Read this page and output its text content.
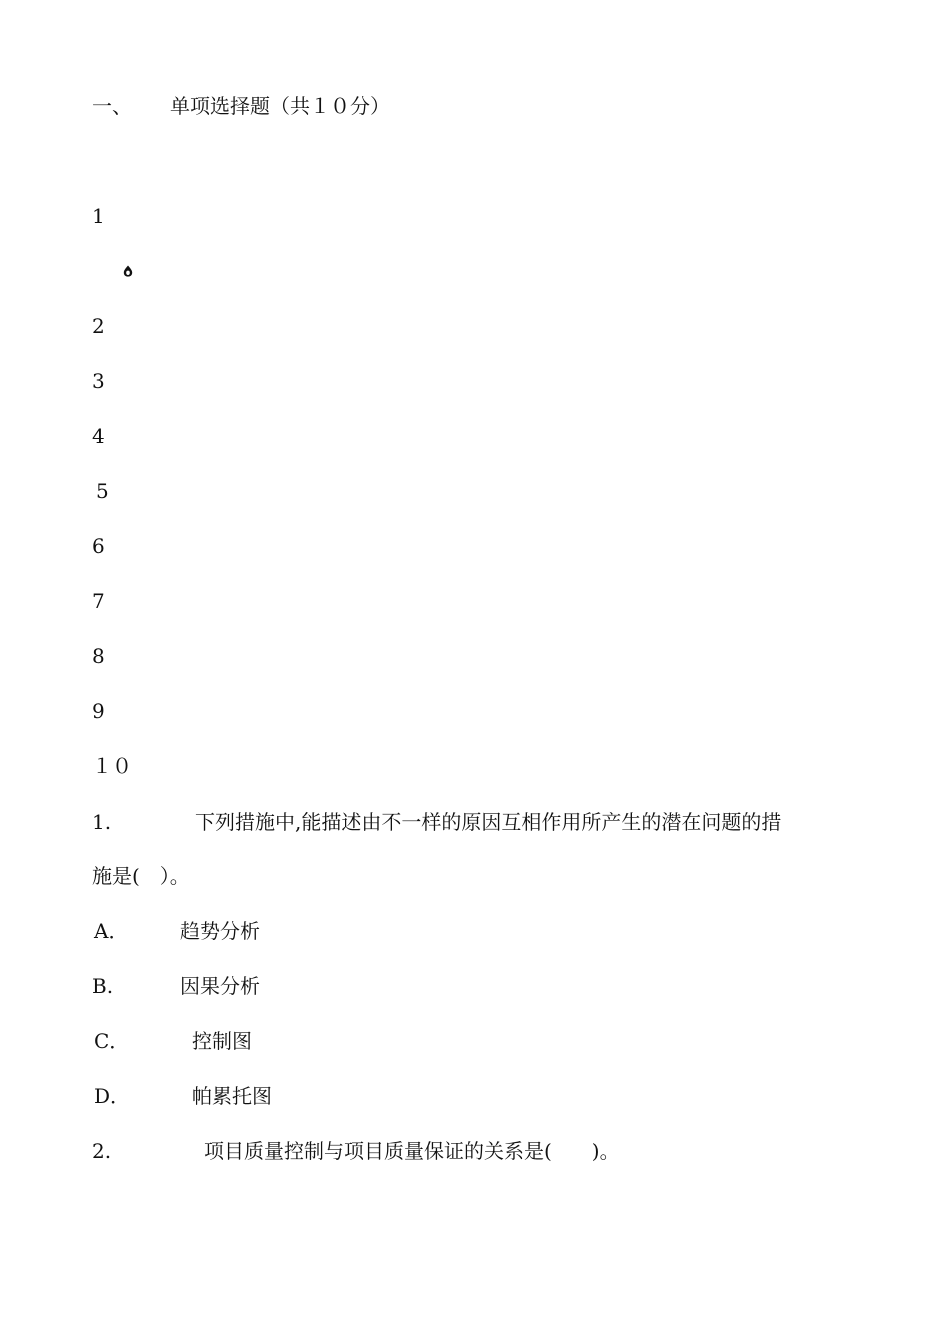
一、 单项选择题（共１０分）
1
2
3
4
5
6
7
8
9
１０
1.	下列措施中,能描述由不一样的原因互相作用所产生的潜在问题的措
施是(　）。
A．	趋势分析
B.	因果分析
C．	控制图
D．	帕累托图
2.	项目质量控制与项目质量保证的关系是(　　)。
